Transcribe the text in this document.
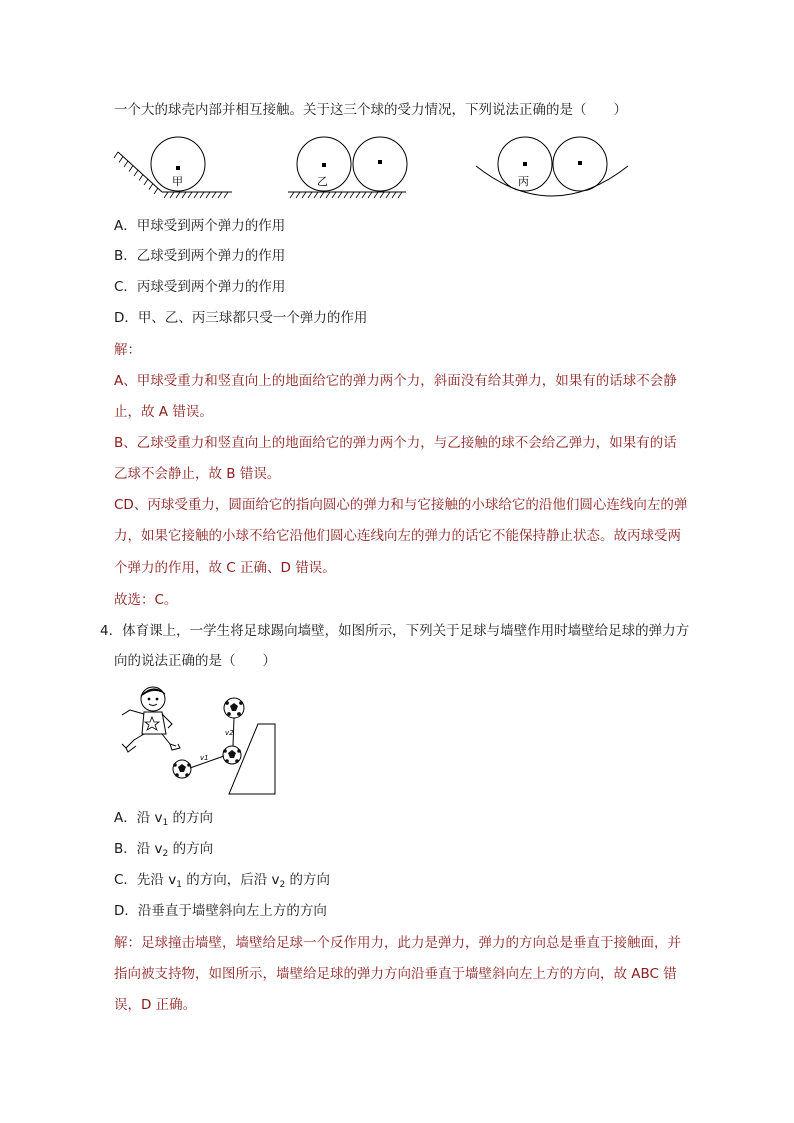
一个大的球壳内部并相互接触。关于这三个球的受力情况，下列说法正确的是（　　）
甲	乙	丙
A．甲球受到两个弹力的作用
B．乙球受到两个弹力的作用
C．丙球受到两个弹力的作用
D．甲、乙、丙三球都只受一个弹力的作用
解：
A、甲球受重力和竖直向上的地面给它的弹力两个力，斜面没有给其弹力，如果有的话球不会静
止，故 A 错误。
B、乙球受重力和竖直向上的地面给它的弹力两个力，与乙接触的球不会给乙弹力，如果有的话
乙球不会静止，故 B 错误。
CD、丙球受重力，圆面给它的指向圆心的弹力和与它接触的小球给它的沿他们圆心连线向左的弹
力，如果它接触的小球不给它沿他们圆心连线向左的弹力的话它不能保持静止状态。故丙球受两
个弹力的作用，故 C 正确、D 错误。
故选：C。
4．体育课上，一学生将足球踢向墙壁，如图所示，下列关于足球与墙壁作用时墙壁给足球的弹力方
向的说法正确的是（　　）
v1
v2
A．沿 $v_1$ 的方向
B．沿 $v_2$ 的方向
C．先沿 $v_1$ 的方向，后沿 $v_2$ 的方向
D．沿垂直于墙壁斜向左上方的方向
解：足球撞击墙壁，墙壁给足球一个反作用力，此力是弹力，弹力的方向总是垂直于接触面，并
指向被支持物，如图所示，墙壁给足球的弹力方向沿垂直于墙壁斜向左上方的方向，故 ABC 错
误，D 正确。
